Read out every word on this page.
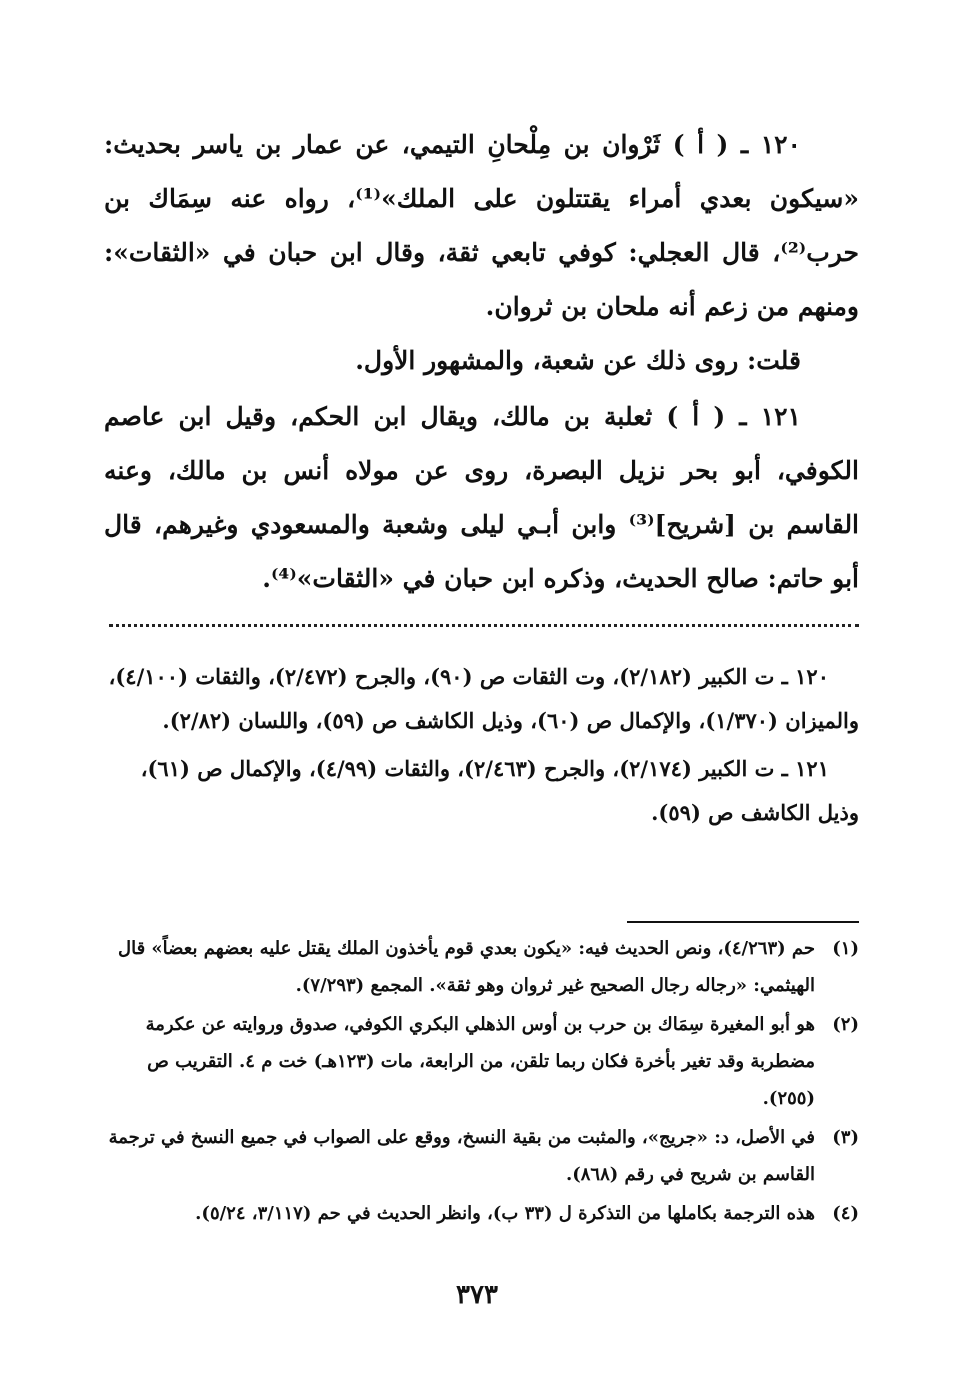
١٢٠ ـ ( أ ) ثَرْوان بن مِلْحانِ التيمي، عن عمار بن ياسر بحديث: «سيكون بعدي أمراء يقتتلون على الملك»⁽¹⁾، رواه عنه سِمَاك بن حرب⁽²⁾، قال العجلي: كوفي تابعي ثقة، وقال ابن حبان في «الثقات»: ومنهم من زعم أنه ملحان بن ثروان.

قلت: روى ذلك عن شعبة، والمشهور الأول.

١٢١ ـ ( أ ) ثعلبة بن مالك، ويقال ابن الحكم، وقيل ابن عاصم الكوفي، أبو بحر نزيل البصرة، روى عن مولاه أنس بن مالك، وعنه القاسم بن [شريح]⁽³⁾ وابن أبـي ليلى وشعبة والمسعودي وغيرهم، قال أبو حاتم: صالح الحديث، وذكره ابن حبان في «الثقات»⁽⁴⁾.

١٢٠ ـ ت الكبير (٢/١٨٢)، وت الثقات ص (٩٠)، والجرح (٢/٤٧٢)، والثقات (٤/١٠٠)، والميزان (١/٣٧٠)، والإكمال ص (٦٠)، وذيل الكاشف ص (٥٩)، واللسان (٢/٨٢).

١٢١ ـ ت الكبير (٢/١٧٤)، والجرح (٢/٤٦٣)، والثقات (٤/٩٩)، والإكمال ص (٦١)، وذيل الكاشف ص (٥٩).

(١)
حم (٤/٢٦٣)، ونص الحديث فيه: «يكون بعدي قوم يأخذون الملك يقتل عليه بعضهم بعضاً» قال الهيثمي: «رجاله رجال الصحيح غير ثروان وهو ثقة». المجمع (٧/٢٩٣).
(٢)
هو أبو المغيرة سِمَاك بن حرب بن أوس الذهلي البكري الكوفي، صدوق وروايته عن عكرمة مضطربة وقد تغير بأخرة فكان ربما تلقن، من الرابعة، مات (١٢٣هـ) خت م ٤. التقريب ص (٢٥٥).
(٣)
في الأصل، د: «جريج»، والمثبت من بقية النسخ، ووقع على الصواب في جميع النسخ في ترجمة القاسم بن شريح في رقم (٨٦٨).
(٤)
هذه الترجمة بكاملها من التذكرة ل (٣٣ ب)، وانظر الحديث في حم (٣/١١٧، ٥/٢٤).
٣٧٣
